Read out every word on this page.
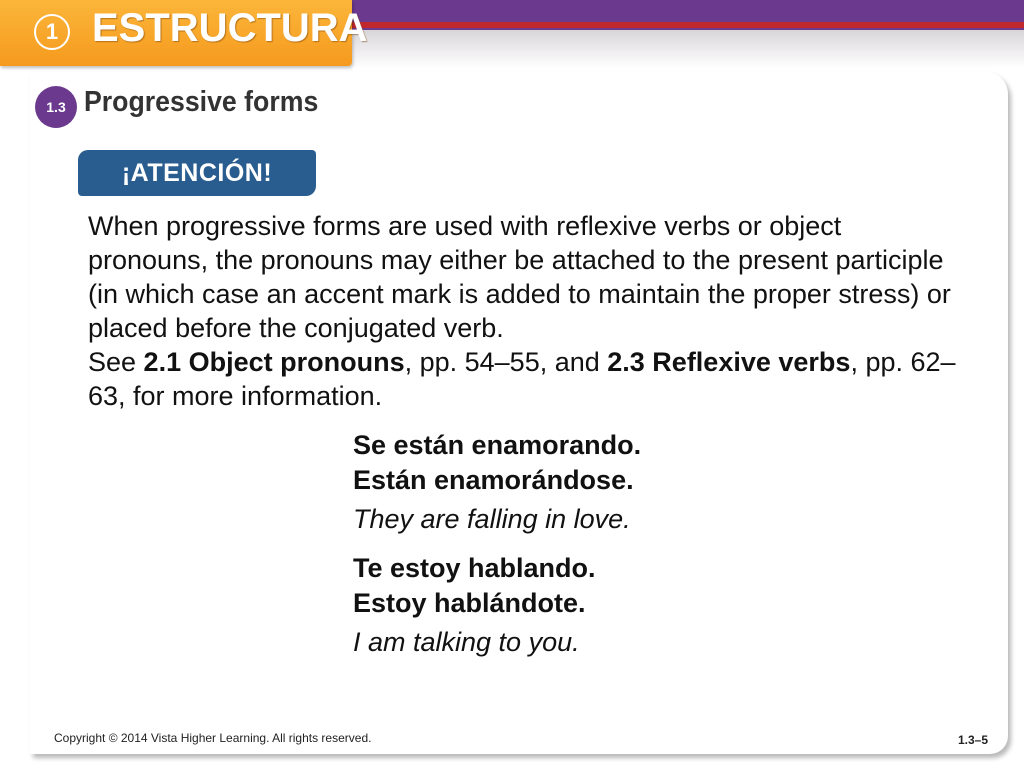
1 ESTRUCTURA
1.3 Progressive forms
¡ATENCIÓN!

When progressive forms are used with reflexive verbs or object pronouns, the pronouns may either be attached to the present participle (in which case an accent mark is added to maintain the proper stress) or placed before the conjugated verb.

See 2.1 Object pronouns, pp. 54–55, and 2.3 Reflexive verbs, pp. 62–63, for more information.

Se están enamorando.
Están enamorándose.
They are falling in love.
Te estoy hablando.
Estoy hablándote.
I am talking to you.
Copyright © 2014 Vista Higher Learning. All rights reserved.	1.3–5
